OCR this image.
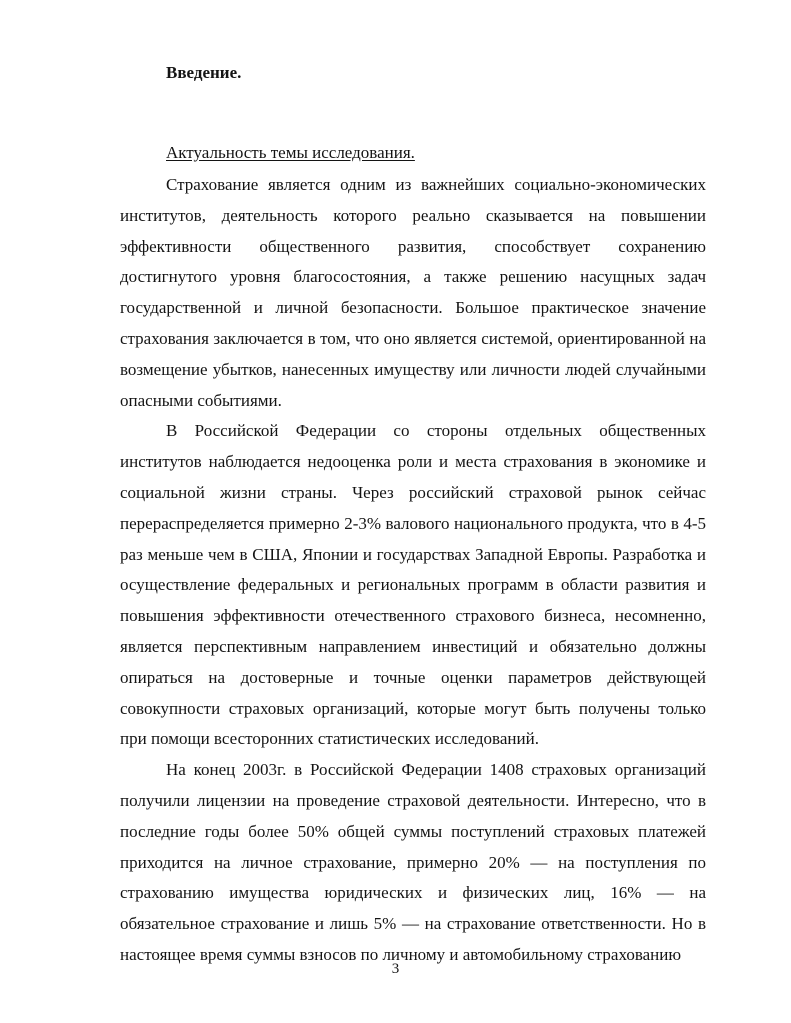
Введение.
Актуальность темы исследования.

Страхование является одним из важнейших социально-экономических институтов, деятельность которого реально сказывается на повышении эффективности общественного развития, способствует сохранению достигнутого уровня благосостояния, а также решению насущных задач государственной и личной безопасности. Большое практическое значение страхования заключается в том, что оно является системой, ориентированной на возмещение убытков, нанесенных имуществу или личности людей случайными опасными событиями.

В Российской Федерации со стороны отдельных общественных институтов наблюдается недооценка роли и места страхования в экономике и социальной жизни страны. Через российский страховой рынок сейчас перераспределяется примерно 2-3% валового национального продукта, что в 4-5 раз меньше чем в США, Японии и государствах Западной Европы. Разработка и осуществление федеральных и региональных программ в области развития и повышения эффективности отечественного страхового бизнеса, несомненно, является перспективным направлением инвестиций и обязательно должны опираться на достоверные и точные оценки параметров действующей совокупности страховых организаций, которые могут быть получены только при помощи всесторонних статистических исследований.

На конец 2003г. в Российской Федерации 1408 страховых организаций получили лицензии на проведение страховой деятельности. Интересно, что в последние годы более 50% общей суммы поступлений страховых платежей приходится на личное страхование, примерно 20% — на поступления по страхованию имущества юридических и физических лиц, 16% — на обязательное страхование и лишь 5% — на страхование ответственности. Но в настоящее время суммы взносов по личному и автомобильному страхованию

3
